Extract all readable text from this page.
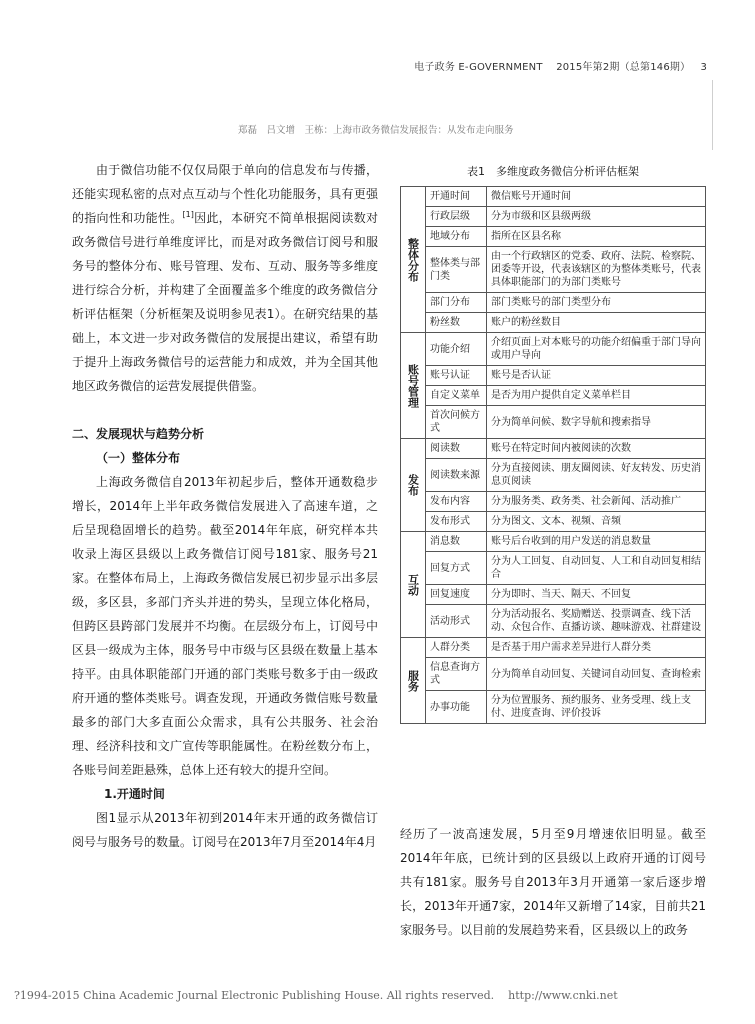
电子政务 E-GOVERNMENT 2015年第2期（总第146期） 3
郑磊　吕文增　王栋：上海市政务微信发展报告：从发布走向服务

由于微信功能不仅仅局限于单向的信息发布与传播，还能实现私密的点对点互动与个性化功能服务，具有更强的指向性和功能性。[1]因此，本研究不简单根据阅读数对政务微信号进行单维度评比，而是对政务微信订阅号和服务号的整体分布、账号管理、发布、互动、服务等多维度进行综合分析，并构建了全面覆盖多个维度的政务微信分析评估框架（分析框架及说明参见表1）。在研究结果的基础上，本文进一步对政务微信的发展提出建议，希望有助于提升上海政务微信号的运营能力和成效，并为全国其他地区政务微信的运营发展提供借鉴。

二、发展现状与趋势分析

（一）整体分布

上海政务微信自2013年初起步后，整体开通数稳步增长，2014年上半年政务微信发展进入了高速车道，之后呈现稳固增长的趋势。截至2014年年底，研究样本共收录上海区县级以上政务微信订阅号181家、服务号21家。在整体布局上，上海政务微信发展已初步显示出多层级，多区县，多部门齐头并进的势头，呈现立体化格局，但跨区县跨部门发展并不均衡。在层级分布上，订阅号中区县一级成为主体，服务号中市级与区县级在数量上基本持平。由具体职能部门开通的部门类账号数多于由一级政府开通的整体类账号。调查发现，开通政务微信账号数量最多的部门大多直面公众需求，具有公共服务、社会治理、经济科技和文广宣传等职能属性。在粉丝数分布上，各账号间差距悬殊，总体上还有较大的提升空间。

1.开通时间

图1显示从2013年初到2014年末开通的政务微信订阅号与服务号的数量。订阅号在2013年7月至2014年4月

表1　多维度政务微信分析评估框架
整体分布	开通时间	微信账号开通时间
	行政层级	分为市级和区县级两级
	地域分布	指所在区县名称
	整体类与部门类	由一个行政辖区的党委、政府、法院、检察院、团委等开设，代表该辖区的为整体类账号，代表具体职能部门的为部门类账号
	部门分布	部门类账号的部门类型分布
	粉丝数	账户的粉丝数目
账号管理	功能介绍	介绍页面上对本账号的功能介绍偏重于部门导向或用户导向
	账号认证	账号是否认证
	自定义菜单	是否为用户提供自定义菜单栏目
	首次问候方式	分为简单问候、数字导航和搜索指导
发布	阅读数	账号在特定时间内被阅读的次数
	阅读数来源	分为直接阅读、朋友圈阅读、好友转发、历史消息页阅读
	发布内容	分为服务类、政务类、社会新闻、活动推广
	发布形式	分为图文、文本、视频、音频
互动	消息数	账号后台收到的用户发送的消息数量
	回复方式	分为人工回复、自动回复、人工和自动回复相结合
	回复速度	分为即时、当天、隔天、不回复
	活动形式	分为活动报名、奖励赠送、投票调查、线下活动、众包合作、直播访谈、趣味游戏、社群建设
服务	人群分类	是否基于用户需求差异进行人群分类
	信息查询方式	分为简单自动回复、关键词自动回复、查询检索
	办事功能	分为位置服务、预约服务、业务受理、线上支付、进度查询、评价投诉

经历了一波高速发展，5月至9月增速依旧明显。截至2014年年底，已统计到的区县级以上政府开通的订阅号共有181家。服务号自2013年3月开通第一家后逐步增长，2013年开通7家，2014年又新增了14家，目前共21家服务号。以目前的发展趋势来看，区县级以上的政务

?1994-2015 China Academic Journal Electronic Publishing House. All rights reserved. http://www.cnki.net
